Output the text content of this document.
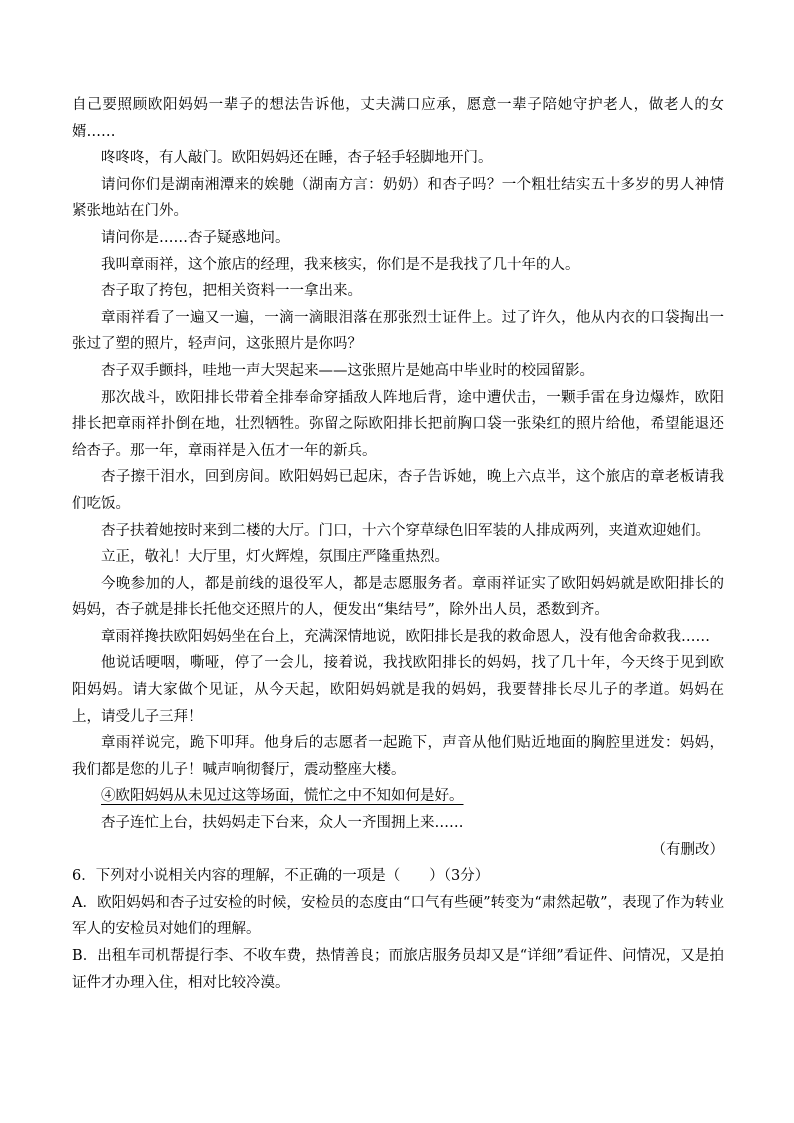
自己要照顾欧阳妈妈一辈子的想法告诉他，丈夫满口应承，愿意一辈子陪她守护老人，做老人的女婿……

咚咚咚，有人敲门。欧阳妈妈还在睡，杏子轻手轻脚地开门。

请问你们是湖南湘潭来的娭毑（湖南方言：奶奶）和杏子吗？一个粗壮结实五十多岁的男人神情紧张地站在门外。

请问你是……杏子疑惑地问。

我叫章雨祥，这个旅店的经理，我来核实，你们是不是我找了几十年的人。

杏子取了挎包，把相关资料一一拿出来。

章雨祥看了一遍又一遍，一滴一滴眼泪落在那张烈士证件上。过了许久，他从内衣的口袋掏出一张过了塑的照片，轻声问，这张照片是你吗？

杏子双手颤抖，哇地一声大哭起来——这张照片是她高中毕业时的校园留影。

那次战斗，欧阳排长带着全排奉命穿插敌人阵地后背，途中遭伏击，一颗手雷在身边爆炸，欧阳排长把章雨祥扑倒在地，壮烈牺牲。弥留之际欧阳排长把前胸口袋一张染红的照片给他，希望能退还给杏子。那一年，章雨祥是入伍才一年的新兵。

杏子擦干泪水，回到房间。欧阳妈妈已起床，杏子告诉她，晚上六点半，这个旅店的章老板请我们吃饭。

杏子扶着她按时来到二楼的大厅。门口，十六个穿草绿色旧军装的人排成两列，夹道欢迎她们。

立正，敬礼！大厅里，灯火辉煌，氛围庄严隆重热烈。

今晚参加的人，都是前线的退役军人，都是志愿服务者。章雨祥证实了欧阳妈妈就是欧阳排长的妈妈，杏子就是排长托他交还照片的人，便发出“集结号”，除外出人员，悉数到齐。

章雨祥搀扶欧阳妈妈坐在台上，充满深情地说，欧阳排长是我的救命恩人，没有他舍命救我……

他说话哽咽，嘶哑，停了一会儿，接着说，我找欧阳排长的妈妈，找了几十年，今天终于见到欧阳妈妈。请大家做个见证，从今天起，欧阳妈妈就是我的妈妈，我要替排长尽儿子的孝道。妈妈在上，请受儿子三拜！

章雨祥说完，跪下叩拜。他身后的志愿者一起跪下，声音从他们贴近地面的胸腔里迸发：妈妈，我们都是您的儿子！喊声响彻餐厅，震动整座大楼。

④欧阳妈妈从未见过这等场面，慌忙之中不知如何是好。

杏子连忙上台，扶妈妈走下台来，众人一齐围拥上来……

（有删改）

6．下列对小说相关内容的理解，不正确的一项是（　　）（3分）

A．欧阳妈妈和杏子过安检的时候，安检员的态度由“口气有些硬”转变为“肃然起敬”，表现了作为转业军人的安检员对她们的理解。

B．出租车司机帮提行李、不收车费，热情善良；而旅店服务员却又是“详细”看证件、问情况，又是拍证件才办理入住，相对比较冷漠。
